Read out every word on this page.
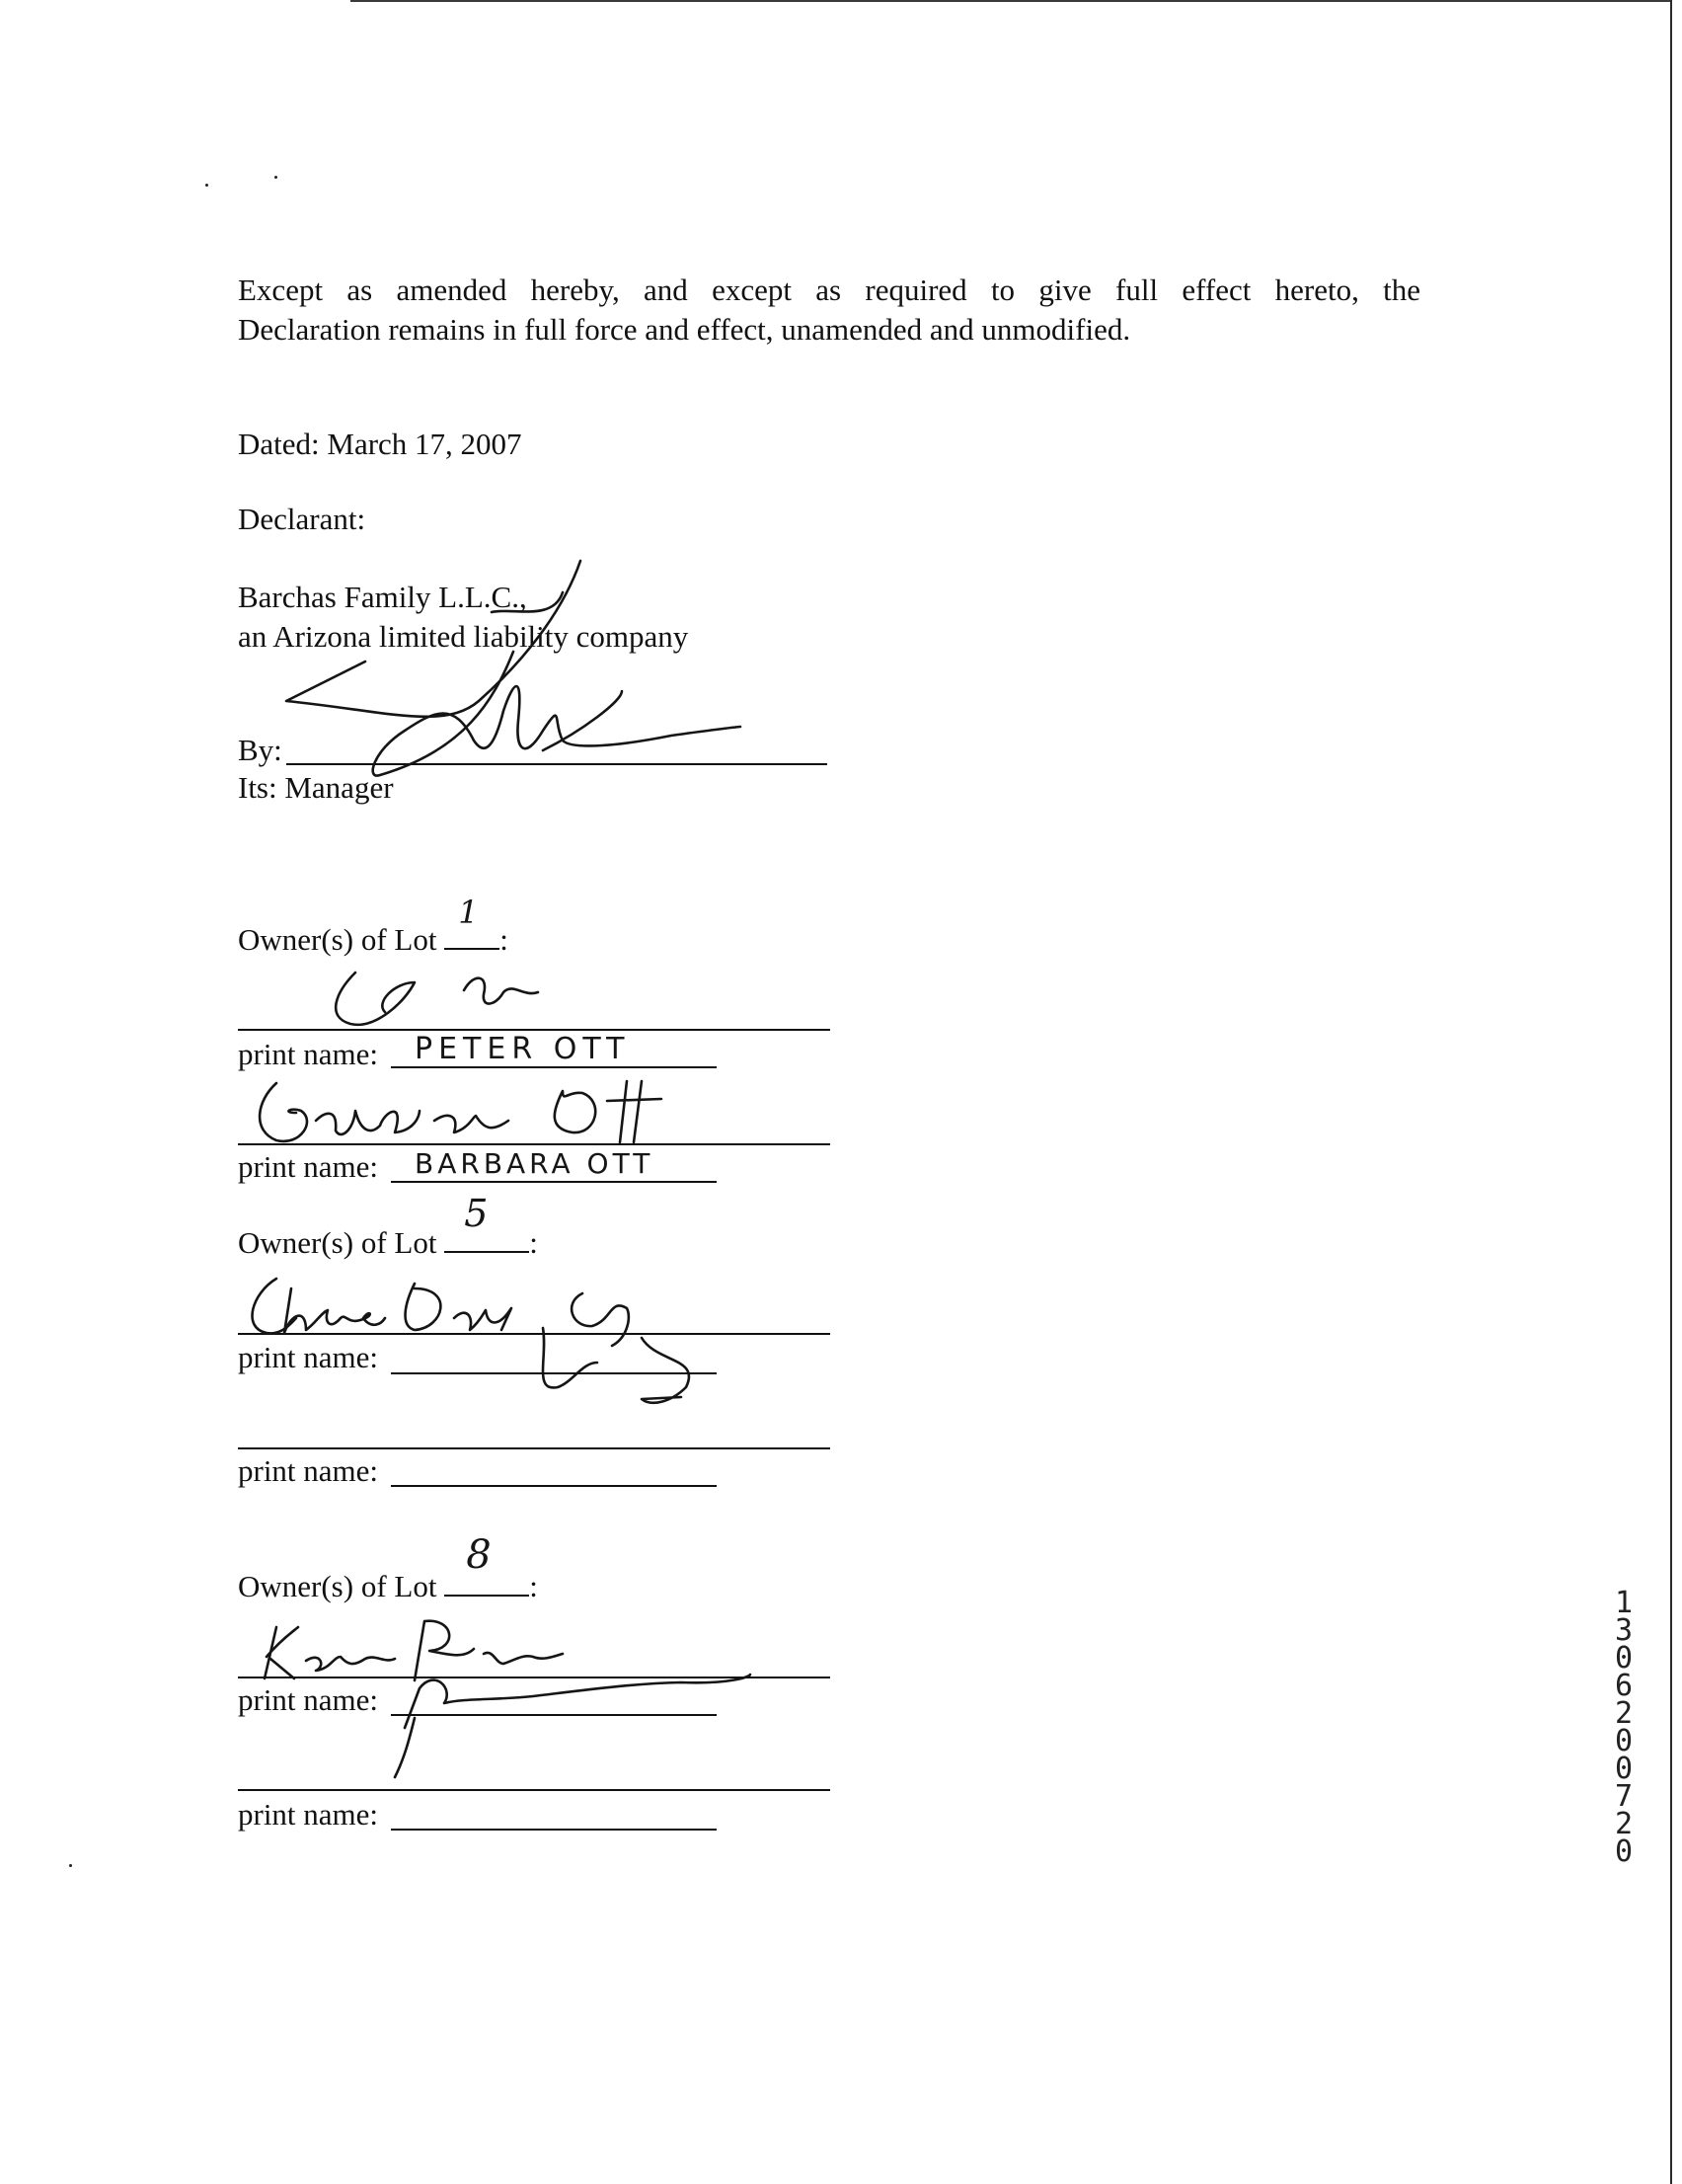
Except as amended hereby, and except as required to give full effect hereto, the
Declaration remains in full force and effect, unamended and unmodified.

Dated: March 17, 2007

Declarant:

Barchas Family L.L.C.,

an Arizona limited liability company

By:

Its: Manager

Owner(s) of Lot
1
:

print name: PETER OTT

print name: BARBARA OTT

Owner(s) of Lot
5
:

print name:

print name:

Owner(s) of Lot
8
:

print name:

print name:

13062 00720
